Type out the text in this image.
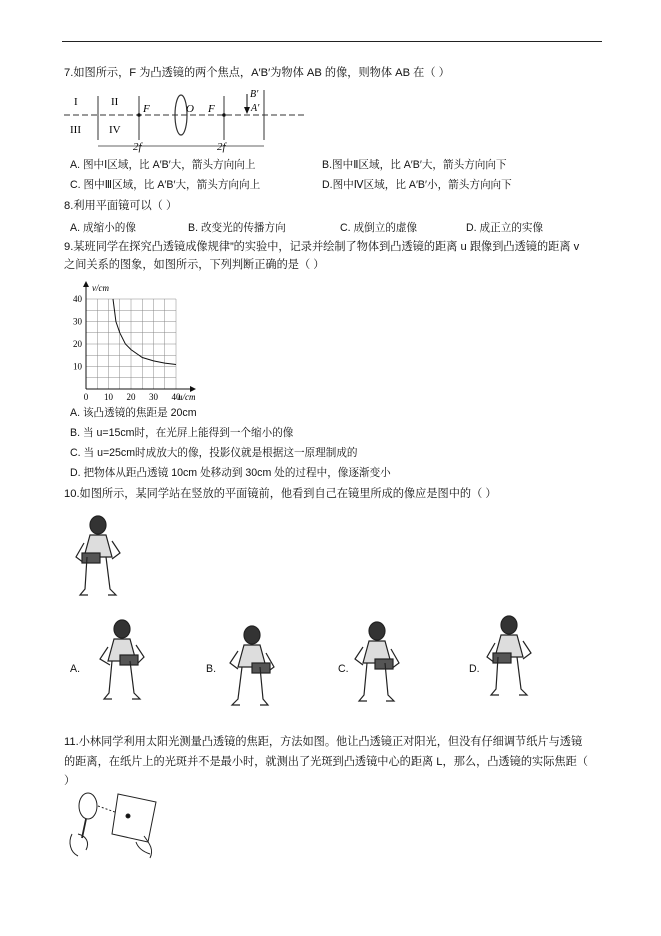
7.如图所示，F 为凸透镜的两个焦点，A′B′为物体 AB 的像，则物体 AB 在（ ）
I	II
III	IV
F	O F
B′
A′
2f	2f
A. 图中Ⅰ区域，比 A′B′大，箭头方向向上	B.图中Ⅱ区域，比 A′B′大，箭头方向向下
C. 图中Ⅲ区域，比 A′B′大，箭头方向向上	D.图中Ⅳ区域，比 A′B′小，箭头方向向下
8.利用平面镜可以（ ）
A. 成缩小的像	B. 改变光的传播方向	C. 成倒立的虚像	D. 成正立的实像
9.某班同学在探究凸透镜成像规律”的实验中，记录并绘制了物体到凸透镜的距离 u 跟像到凸透镜的距离 v
之间关系的图象，如图所示，下列判断正确的是（ ）
0 10 20 30 40
10
20
30
40
v/cm
u/cm
A. 该凸透镜的焦距是 20cm
B. 当 u=15cm时，在光屏上能得到一个缩小的像
C. 当 u=25cm时成放大的像，投影仪就是根据这一原理制成的
D. 把物体从距凸透镜 10cm 处移动到 30cm 处的过程中，像逐渐变小
10.如图所示，某同学站在竖放的平面镜前，他看到自己在镜里所成的像应是图中的（ ）
A.	B.	C.	D.
11.小林同学利用太阳光测量凸透镜的焦距，方法如图。他让凸透镜正对阳光，但没有仔细调节纸片与透镜
的距离，在纸片上的光斑并不是最小时，就测出了光斑到凸透镜中心的距离 L，那么，凸透镜的实际焦距（
）
